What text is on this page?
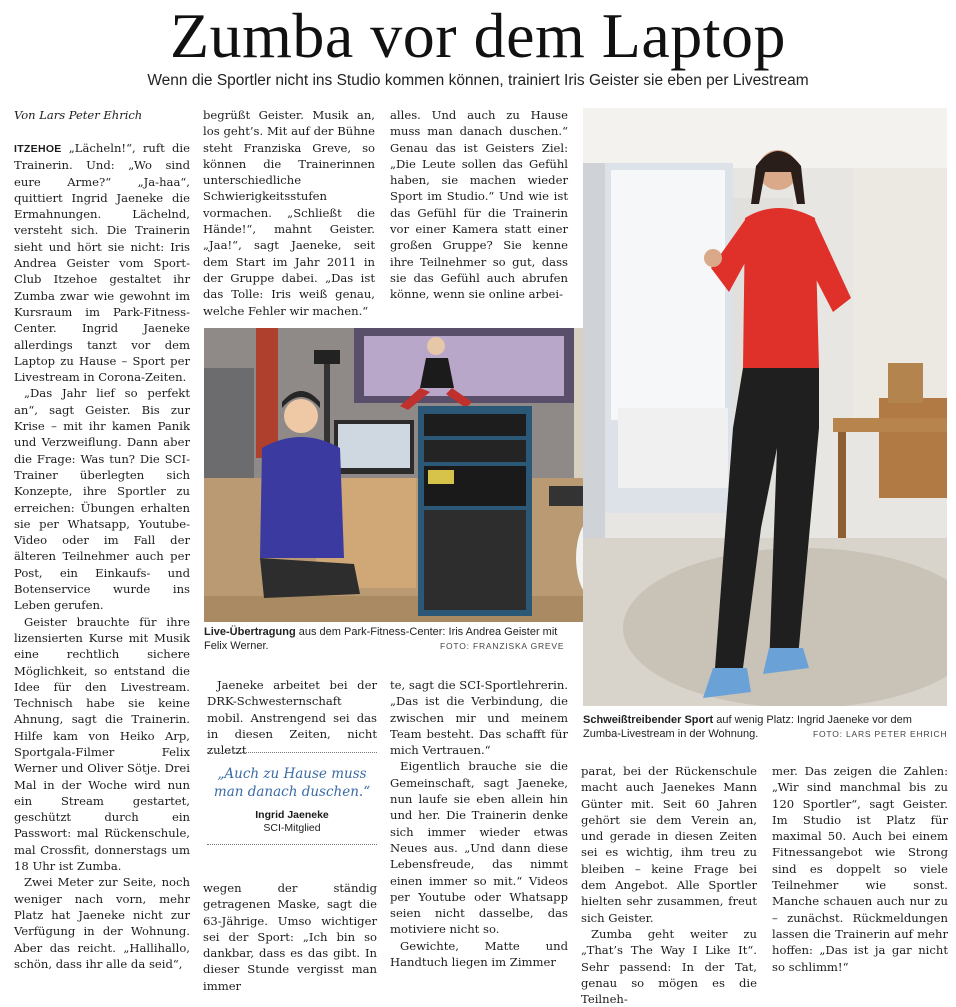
Zumba vor dem Laptop
Wenn die Sportler nicht ins Studio kommen können, trainiert Iris Geister sie eben per Livestream
Von Lars Peter Ehrich

ITZEHOE „Lächeln!“, ruft die Trainerin. Und: „Wo sind eure Arme?“ „Ja-haa“, quittiert Ingrid Jaeneke die Ermahnungen. Lächelnd, versteht sich. Die Trainerin sieht und hört sie nicht: Iris Andrea Geister vom Sport-Club Itzehoe gestaltet ihr Zumba zwar wie gewohnt im Kursraum im Park-Fitness-Center. Ingrid Jaeneke allerdings tanzt vor dem Laptop zu Hause – Sport per Livestream in Corona-Zeiten.

„Das Jahr lief so perfekt an“, sagt Geister. Bis zur Krise – mit ihr kamen Panik und Verzweiflung. Dann aber die Frage: Was tun? Die SCI-Trainer überlegten sich Konzepte, ihre Sportler zu erreichen: Übungen erhalten sie per Whatsapp, Youtube-Video oder im Fall der älteren Teilnehmer auch per Post, ein Einkaufs- und Botenservice wurde ins Leben gerufen.

Geister brauchte für ihre lizensierten Kurse mit Musik eine rechtlich sichere Möglichkeit, so entstand die Idee für den Livestream. Technisch habe sie keine Ahnung, sagt die Trainerin. Hilfe kam von Heiko Arp, Sportgala-Filmer Felix Werner und Oliver Sötje. Drei Mal in der Woche wird nun ein Stream gestartet, geschützt durch ein Passwort: mal Rückenschule, mal Crossfit, donnerstags um 18 Uhr ist Zumba.

Zwei Meter zur Seite, noch weniger nach vorn, mehr Platz hat Jaeneke nicht zur Verfügung in der Wohnung. Aber das reicht. „Hallihallo, schön, dass ihr alle da seid“,

begrüßt Geister. Musik an, los geht’s. Mit auf der Bühne steht Franziska Greve, so können die Trainerinnen unterschiedliche Schwierigkeitsstufen vormachen. „Schließt die Hände!“, mahnt Geister. „Jaa!“, sagt Jaeneke, seit dem Start im Jahr 2011 in der Gruppe dabei. „Das ist das Tolle: Iris weiß genau, welche Fehler wir machen.“

alles. Und auch zu Hause muss man danach duschen.“ Genau das ist Geisters Ziel: „Die Leute sollen das Gefühl haben, sie machen wieder Sport im Studio.“ Und wie ist das Gefühl für die Trainerin vor einer Kamera statt einer großen Gruppe? Sie kenne ihre Teilnehmer so gut, dass sie das Gefühl auch abrufen könne, wenn sie online arbei-

Live-Übertragung aus dem Park-Fitness-Center: Iris Andrea Geister mit Felix Werner.	FOTO: FRANZISKA GREVE
Schweißtreibender Sport auf wenig Platz: Ingrid Jaeneke vor dem Zumba-Livestream in der Wohnung.	FOTO: LARS PETER EHRICH

Jaeneke arbeitet bei der DRK-Schwesternschaft mobil. Anstrengend sei das in diesen Zeiten, nicht zuletzt

„Auch zu Hause muss man danach duschen.“
Ingrid Jaeneke
SCI-Mitglied

wegen der ständig getragenen Maske, sagt die 63-Jährige. Umso wichtiger sei der Sport: „Ich bin so dankbar, dass es das gibt. In dieser Stunde vergisst man immer

te, sagt die SCI-Sportlehrerin. „Das ist die Verbindung, die zwischen mir und meinem Team besteht. Das schafft für mich Vertrauen.“

Eigentlich brauche sie die Gemeinschaft, sagt Jaeneke, nun laufe sie eben allein hin und her. Die Trainerin denke sich immer wieder etwas Neues aus. „Und dann diese Lebensfreude, das nimmt einen immer so mit.“ Videos per Youtube oder Whatsapp seien nicht dasselbe, das motiviere nicht so.

Gewichte, Matte und Handtuch liegen im Zimmer

parat, bei der Rückenschule macht auch Jaenekes Mann Günter mit. Seit 60 Jahren gehört sie dem Verein an, und gerade in diesen Zeiten sei es wichtig, ihm treu zu bleiben – keine Frage bei dem Angebot. Alle Sportler hielten sehr zusammen, freut sich Geister.

Zumba geht weiter zu „That’s The Way I Like It“. Sehr passend: In der Tat, genau so mögen es die Teilneh-

mer. Das zeigen die Zahlen: „Wir sind manchmal bis zu 120 Sportler“, sagt Geister. Im Studio ist Platz für maximal 50. Auch bei einem Fitnessangebot wie Strong sind es doppelt so viele Teilnehmer wie sonst. Manche schauen auch nur zu – zunächst. Rückmeldungen lassen die Trainerin auf mehr hoffen: „Das ist ja gar nicht so schlimm!“
